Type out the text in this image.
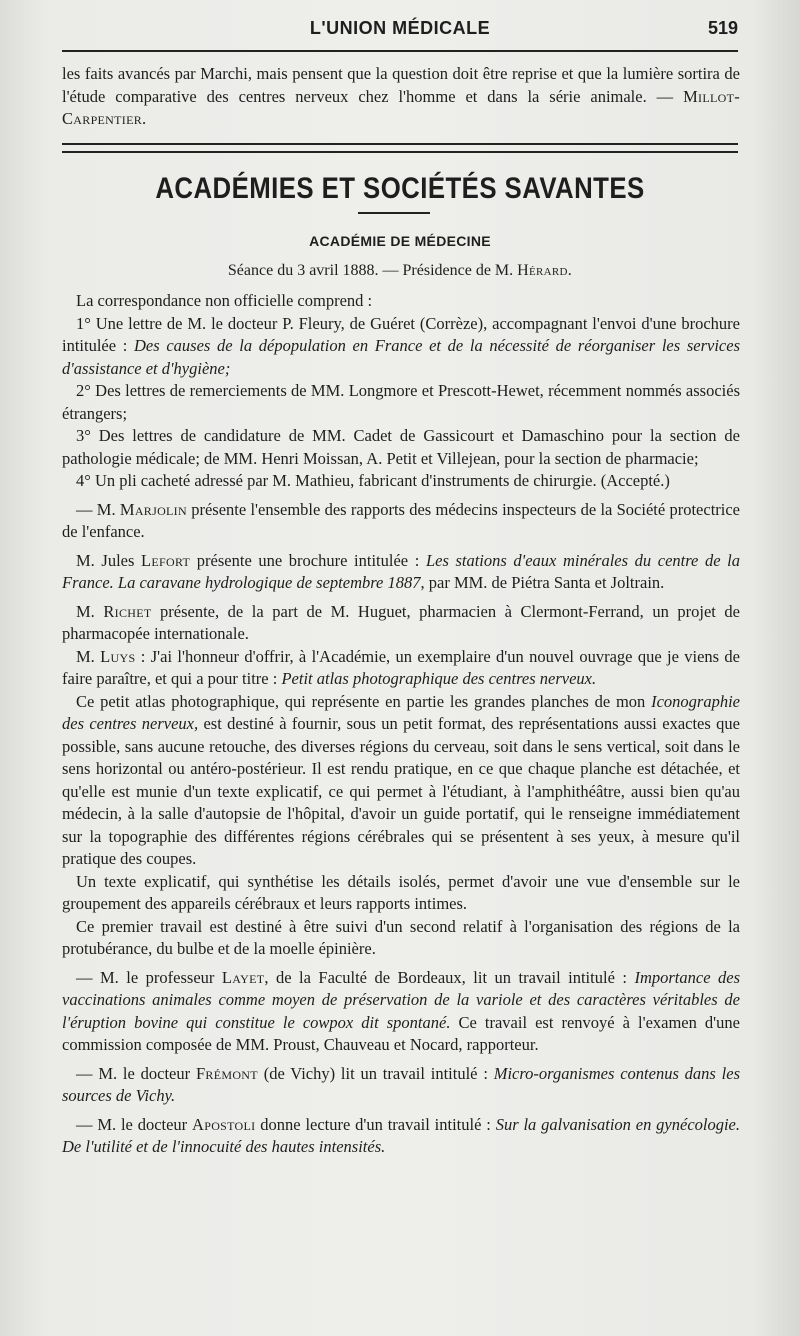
L'UNION MÉDICALE	519

les faits avancés par Marchi, mais pensent que la question doit être reprise et que la lumière sortira de l'étude comparative des centres nerveux chez l'homme et dans la série animale. — Millot-Carpentier.

ACADÉMIES ET SOCIÉTÉS SAVANTES
ACADÉMIE DE MÉDECINE
Séance du 3 avril 1888. — Présidence de M. Hérard.

La correspondance non officielle comprend :

1° Une lettre de M. le docteur P. Fleury, de Guéret (Corrèze), accompagnant l'envoi d'une brochure intitulée : Des causes de la dépopulation en France et de la nécessité de réorganiser les services d'assistance et d'hygiène;

2° Des lettres de remerciements de MM. Longmore et Prescott-Hewet, récemment nommés associés étrangers;

3° Des lettres de candidature de MM. Cadet de Gassicourt et Damaschino pour la section de pathologie médicale; de MM. Henri Moissan, A. Petit et Villejean, pour la section de pharmacie;

4° Un pli cacheté adressé par M. Mathieu, fabricant d'instruments de chirurgie. (Accepté.)

— M. Marjolin présente l'ensemble des rapports des médecins inspecteurs de la Société protectrice de l'enfance.

M. Jules Lefort présente une brochure intitulée : Les stations d'eaux minérales du centre de la France. La caravane hydrologique de septembre 1887, par MM. de Piétra Santa et Joltrain.

M. Richet présente, de la part de M. Huguet, pharmacien à Clermont-Ferrand, un projet de pharmacopée internationale.

M. Luys : J'ai l'honneur d'offrir, à l'Académie, un exemplaire d'un nouvel ouvrage que je viens de faire paraître, et qui a pour titre : Petit atlas photographique des centres nerveux.

Ce petit atlas photographique, qui représente en partie les grandes planches de mon Iconographie des centres nerveux, est destiné à fournir, sous un petit format, des représentations aussi exactes que possible, sans aucune retouche, des diverses régions du cerveau, soit dans le sens vertical, soit dans le sens horizontal ou antéro-postérieur. Il est rendu pratique, en ce que chaque planche est détachée, et qu'elle est munie d'un texte explicatif, ce qui permet à l'étudiant, à l'amphithéâtre, aussi bien qu'au médecin, à la salle d'autopsie de l'hôpital, d'avoir un guide portatif, qui le renseigne immédiatement sur la topographie des différentes régions cérébrales qui se présentent à ses yeux, à mesure qu'il pratique des coupes.

Un texte explicatif, qui synthétise les détails isolés, permet d'avoir une vue d'ensemble sur le groupement des appareils cérébraux et leurs rapports intimes.

Ce premier travail est destiné à être suivi d'un second relatif à l'organisation des régions de la protubérance, du bulbe et de la moelle épinière.

— M. le professeur Layet, de la Faculté de Bordeaux, lit un travail intitulé : Importance des vaccinations animales comme moyen de préservation de la variole et des caractères véritables de l'éruption bovine qui constitue le cowpox dit spontané. Ce travail est renvoyé à l'examen d'une commission composée de MM. Proust, Chauveau et Nocard, rapporteur.

— M. le docteur Frémont (de Vichy) lit un travail intitulé : Micro-organismes contenus dans les sources de Vichy.

— M. le docteur Apostoli donne lecture d'un travail intitulé : Sur la galvanisation en gynécologie. De l'utilité et de l'innocuité des hautes intensités.
